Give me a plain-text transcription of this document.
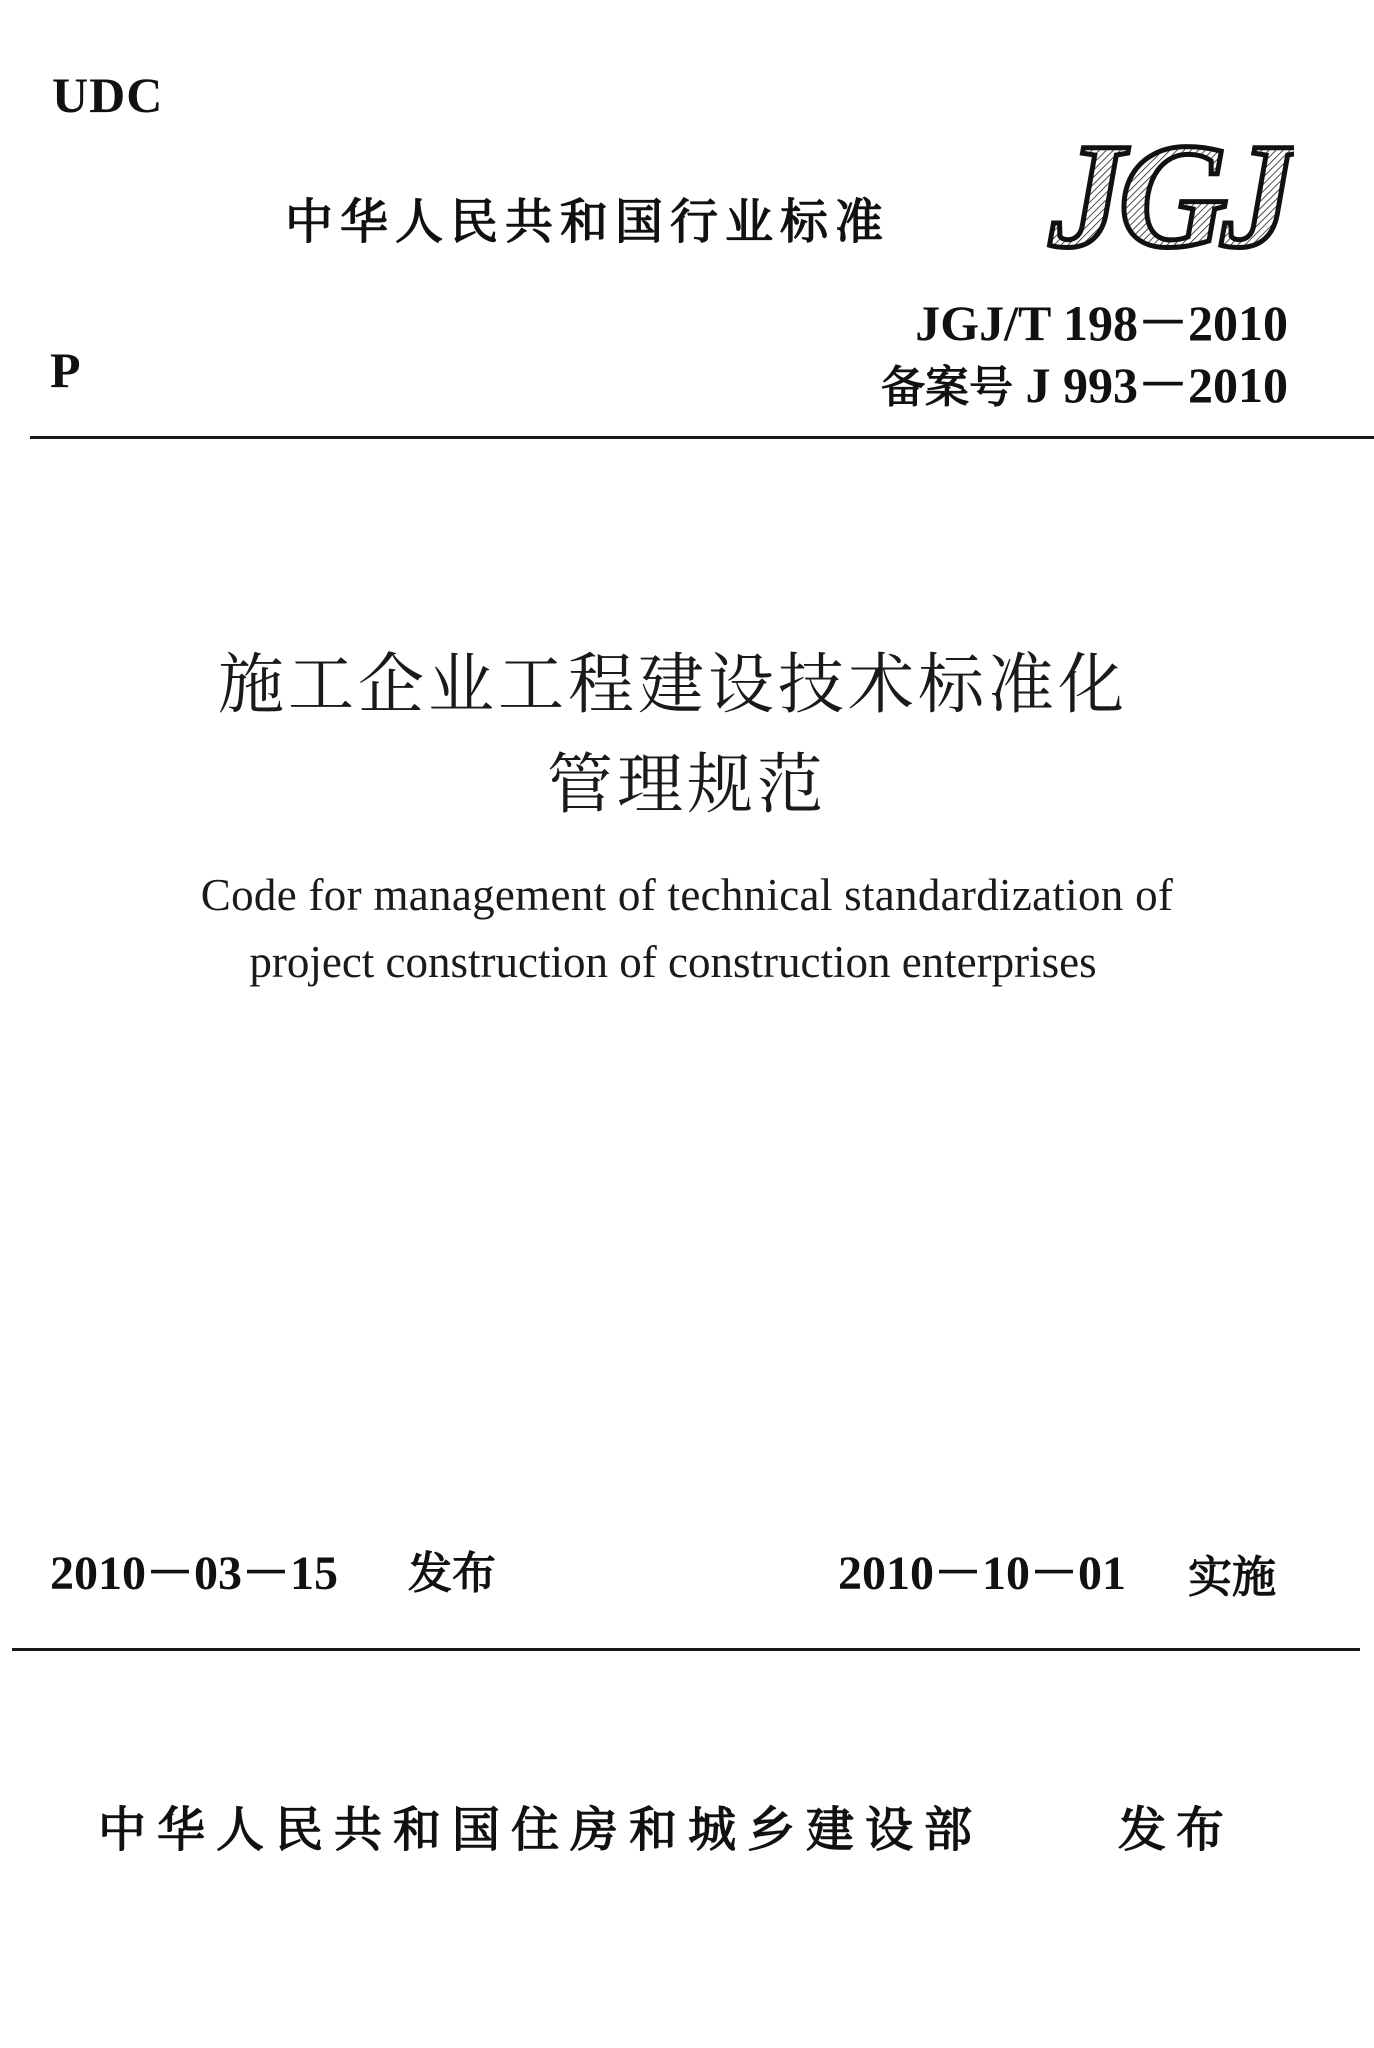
UDC
中华人民共和国行业标准 JGJ
P
JGJ/T 198－2010
备案号 J 993－2010
施工企业工程建设技术标准化
管理规范
Code for management of technical standardization of
project construction of construction enterprises
2010－03－15 发布	2010－10－01 实施
中华人民共和国住房和城乡建设部	发布
